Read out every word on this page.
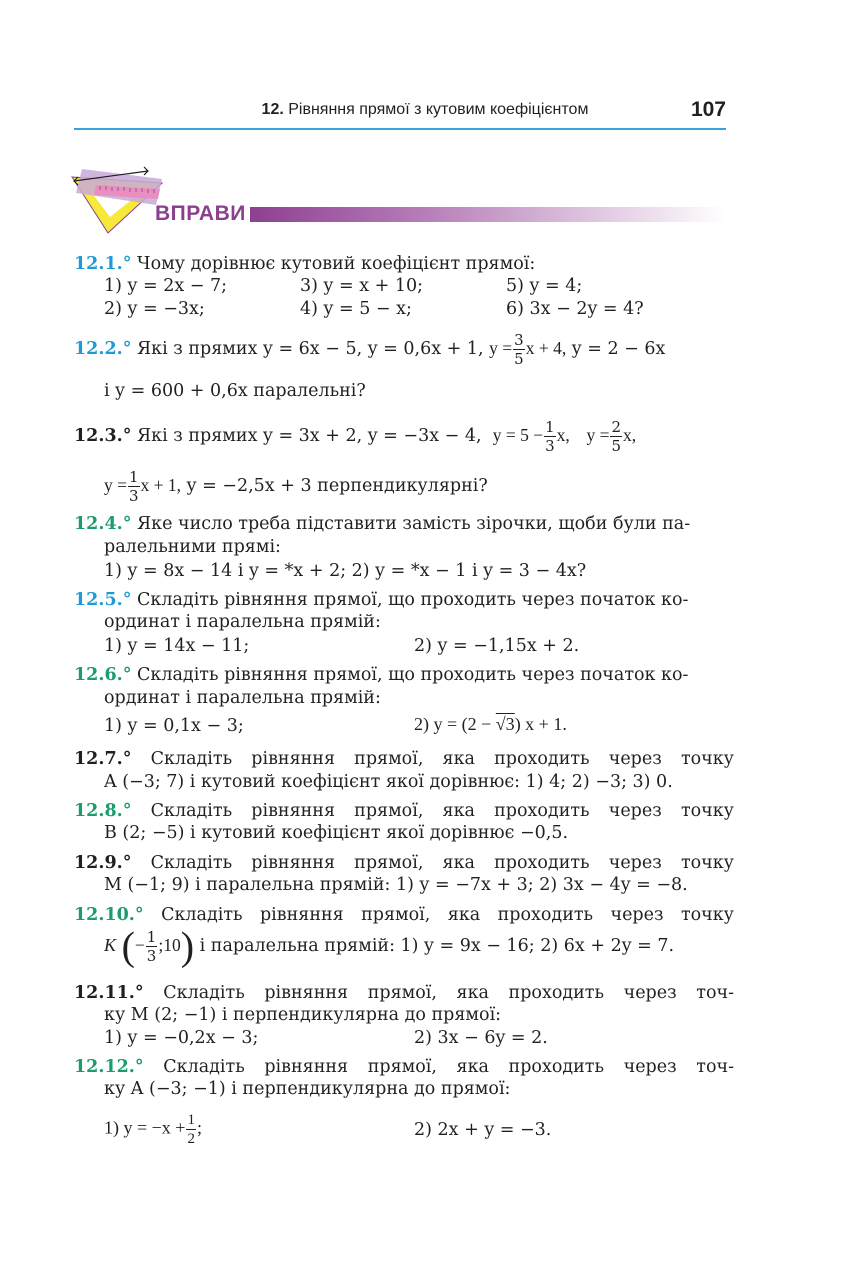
12. Рівняння прямої з кутовим коефіцієнтом	107
ВПРАВИ
12.1.° Чому дорівнює кутовий коефіцієнт прямої:
1) y = 2x − 7;	3) y = x + 10;	5) y = 4;
2) y = −3x;	4) y = 5 − x;	6) 3x − 2y = 4?
12.2.° Які з прямих y = 6x − 5, y = 0,6x + 1, $y = \frac{3}{5}$ x + 4, y = 2 − 6x
і y = 600 + 0,6x паралельні?
12.3.° Які з прямих y = 3x + 2, y = −3x − 4, $y = 5 - \frac{1}{3} x$, $y = \frac{2}{5} x$,
$y = \frac{1}{3}$ x + 1, y = −2,5x + 3 перпендикулярні?
12.4.° Яке число треба підставити замість зірочки, щоби були па-
ралельними прямі:
1) y = 8x − 14 і y = *x + 2; 2) y = *x − 1 і y = 3 − 4x?
12.5.° Складіть рівняння прямої, що проходить через початок ко-
ординат і паралельна прямій:
1) y = 14x − 11;	2) y = −1,15x + 2.
12.6.° Складіть рівняння прямої, що проходить через початок ко-
ординат і паралельна прямій:
1) y = 0,1x − 3;	2) y = (2 − √3) x + 1.
12.7.° Складіть рівняння прямої, яка проходить через точку
A (−3; 7) і кутовий коефіцієнт якої дорівнює: 1) 4; 2) −3; 3) 0.
12.8.° Складіть рівняння прямої, яка проходить через точку
B (2; −5) і кутовий коефіцієнт якої дорівнює −0,5.
12.9.° Складіть рівняння прямої, яка проходить через точку
M (−1; 9) і паралельна прямій: 1) y = −7x + 3; 2) 3x − 4y = −8.
12.10.° Складіть рівняння прямої, яка проходить через точку
K (− $\frac{1}{3}$ ;10) і паралельна прямій: 1) y = 9x − 16; 2) 6x + 2y = 7.
12.11.° Складіть рівняння прямої, яка проходить через точ-
ку M (2; −1) і перпендикулярна до прямої:
1) y = −0,2x − 3;	2) 3x − 6y = 2.
12.12.° Складіть рівняння прямої, яка проходить через точ-
ку A (−3; −1) і перпендикулярна до прямої:
1) $y = -x + \frac{1}{2}$ ;	2) 2x + y = −3.
